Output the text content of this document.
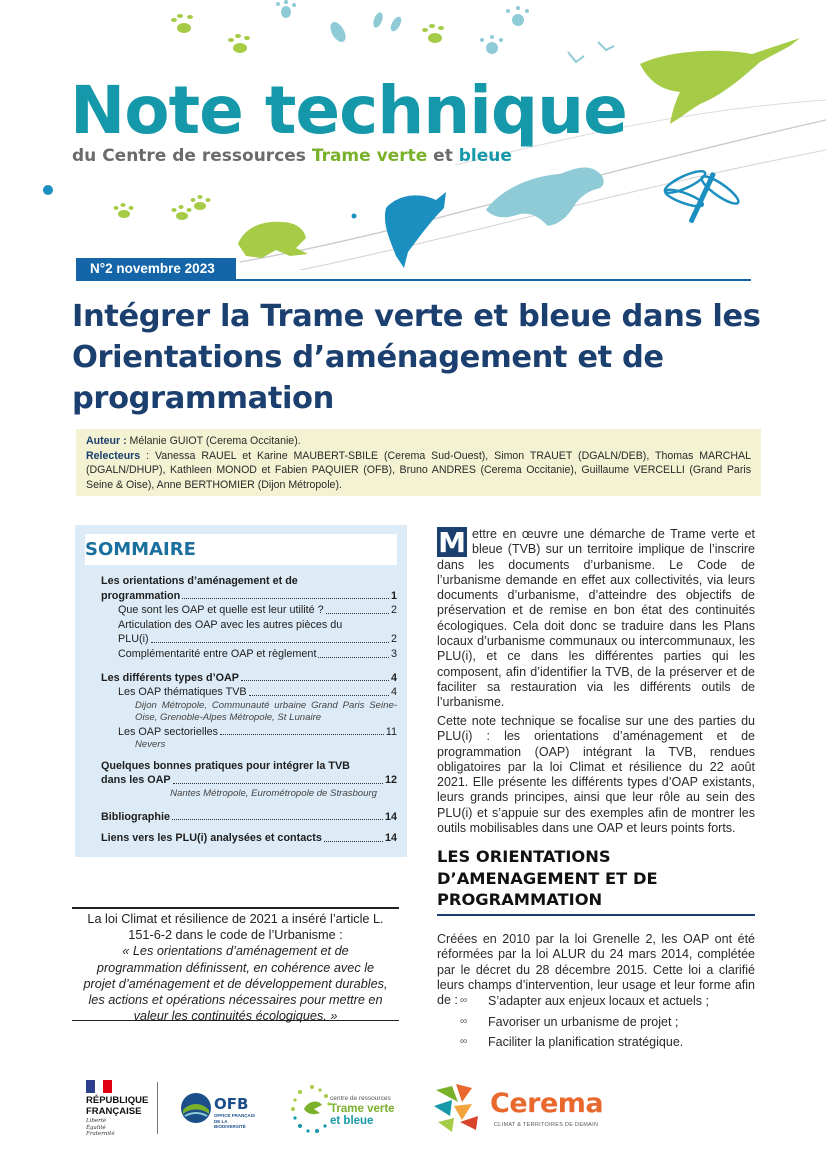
Note technique
du Centre de ressources Trame verte et bleue
N°2 novembre 2023
Intégrer la Trame verte et bleue dans les Orientations d’aménagement et de programmation
Auteur : Mélanie GUIOT (Cerema Occitanie).
Relecteurs : Vanessa RAUEL et Karine MAUBERT-SBILE (Cerema Sud-Ouest), Simon TRAUET (DGALN/DEB), Thomas MARCHAL (DGALN/DHUP), Kathleen MONOD et Fabien PAQUIER (OFB), Bruno ANDRES (Cerema Occitanie), Guillaume VERCELLI (Grand Paris Seine & Oise), Anne BERTHOMIER (Dijon Métropole).
SOMMAIRE
Les orientations d’aménagement et de
programmation	1
Que sont les OAP et quelle est leur utilité ?	2
Articulation des OAP avec les autres pièces du
PLU(i)	2
Complémentarité entre OAP et règlement	3
Les différents types d’OAP	4
Les OAP thématiques TVB	4
Dijon Métropole, Communauté urbaine Grand Paris Seine-Oise, Grenoble-Alpes Métropole, St Lunaire
Les OAP sectorielles	11
Nevers
Quelques bonnes pratiques pour intégrer la TVB
dans les OAP	12
Nantes Métropole, Eurométropole de Strasbourg
Bibliographie	14
Liens vers les PLU(i) analysées et contacts	14
La loi Climat et résilience de 2021 a inséré l’article L. 151-6-2 dans le code de l’Urbanisme :
« Les orientations d’aménagement et de programmation définissent, en cohérence avec le projet d’aménagement et de développement durables, les actions et opérations nécessaires pour mettre en valeur les continuités écologiques. »
M ettre en œuvre une démarche de Trame verte et bleue (TVB) sur un territoire implique de l’inscrire dans les documents d’urbanisme. Le Code de l’urbanisme demande en effet aux collectivités, via leurs documents d’urbanisme, d’atteindre des objectifs de préservation et de remise en bon état des continuités écologiques. Cela doit donc se traduire dans les Plans locaux d’urbanisme communaux ou intercommunaux, les PLU(i), et ce dans les différentes parties qui les composent, afin d’identifier la TVB, de la préserver et de faciliter sa restauration via les différents outils de l’urbanisme.
Cette note technique se focalise sur une des parties du PLU(i) : les orientations d’aménagement et de programmation (OAP) intégrant la TVB, rendues obligatoires par la loi Climat et résilience du 22 août 2021. Elle présente les différents types d’OAP existants, leurs grands principes, ainsi que leur rôle au sein des PLU(i) et s’appuie sur des exemples afin de montrer les outils mobilisables dans une OAP et leurs points forts.
LES ORIENTATIONS D’AMENAGEMENT ET DE PROGRAMMATION
Créées en 2010 par la loi Grenelle 2, les OAP ont été réformées par la loi ALUR du 24 mars 2014, complétée par le décret du 28 décembre 2015. Cette loi a clarifié leurs champs d’intervention, leur usage et leur forme afin de : ∞ S’adapter aux enjeux locaux et actuels ;
∞ Favoriser un urbanisme de projet ;
∞ Faciliter la planification stratégique.
RÉPUBLIQUE
FRANÇAISE
Liberté
Égalité
Fraternité
OFB
OFFICE FRANÇAIS
DE LA BIODIVERSITÉ
centre de ressources
Trame verte
et bleue
Cerema
CLIMAT & TERRITOIRES DE DEMAIN
